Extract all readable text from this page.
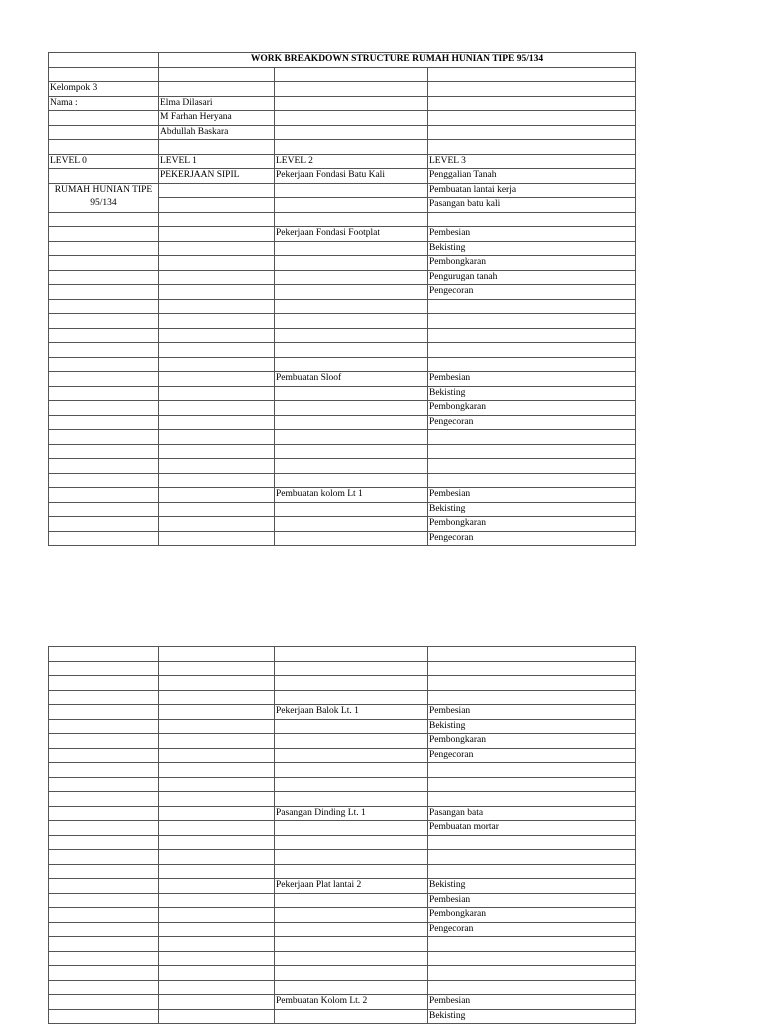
	WORK BREAKDOWN STRUCTURE RUMAH HUNIAN TIPE 95/134		

Kelompok 3			
Nama :	Elma Dilasari		
	M Farhan Heryana		
	Abdullah Baskara		

LEVEL 0	LEVEL 1	LEVEL 2	LEVEL 3
	PEKERJAAN SIPIL	Pekerjaan Fondasi Batu Kali	Penggalian Tanah
RUMAH HUNIAN TIPE 95/134			Pembuatan lantai kerja
			Pasangan batu kali

		Pekerjaan Fondasi Footplat	Pembesian
			Bekisting
			Pembongkaran
			Pengurugan tanah
			Pengecoran

		Pembuatan Sloof	Pembesian
			Bekisting
			Pembongkaran
			Pengecoran

		Pembuatan kolom Lt 1	Pembesian
			Bekisting
			Pembongkaran
			Pengecoran

		Pekerjaan Balok Lt. 1	Pembesian
			Bekisting
			Pembongkaran
			Pengecoran

		Pasangan Dinding Lt. 1	Pasangan bata
			Pembuatan mortar

		Pekerjaan Plat lantai 2	Bekisting
			Pembesian
			Pembongkaran
			Pengecoran

		Pembuatan Kolom Lt. 2	Pembesian
			Bekisting
